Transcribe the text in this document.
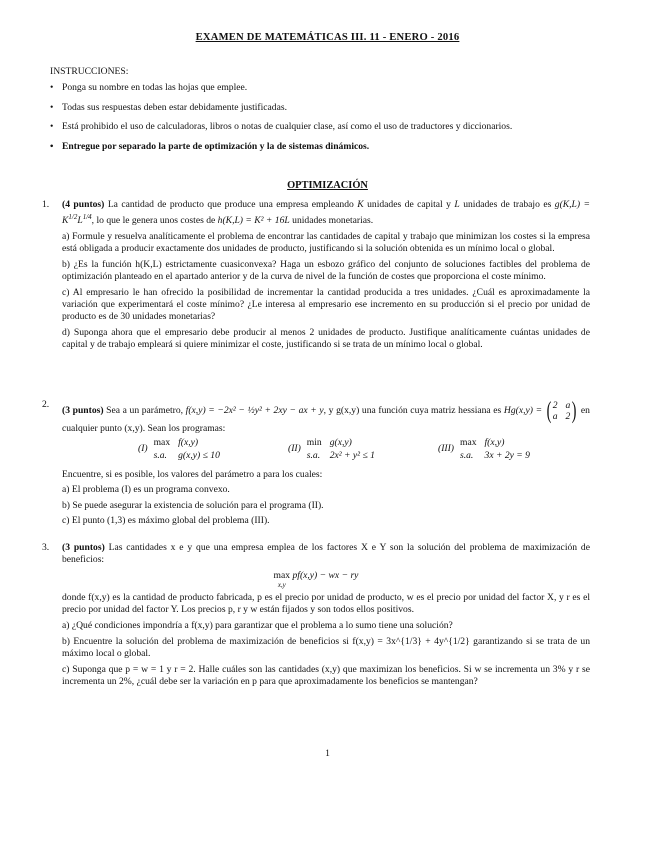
EXAMEN DE MATEMÁTICAS III. 11 - ENERO - 2016
INSTRUCCIONES:
• Ponga su nombre en todas las hojas que emplee.
• Todas sus respuestas deben estar debidamente justificadas.
• Está prohibido el uso de calculadoras, libros o notas de cualquier clase, así como el uso de traductores y diccionarios.
• Entregue por separado la parte de optimización y la de sistemas dinámicos.
OPTIMIZACIÓN
1. (4 puntos) La cantidad de producto que produce una empresa empleando K unidades de capital y L unidades de trabajo es $g(K,L) = K^{1/2}L^{1/4}$, lo que le genera unos costes de h(K,L) = K² + 16L unidades monetarias.
a) Formule y resuelva analíticamente el problema de encontrar las cantidades de capital y trabajo que minimizan los costes si la empresa está obligada a producir exactamente dos unidades de producto, justificando si la solución obtenida es un mínimo local o global.
b) ¿Es la función h(K,L) estrictamente cuasiconvexa? Haga un esbozo gráfico del conjunto de soluciones factibles del problema de optimización planteado en el apartado anterior y de la curva de nivel de la función de costes que proporciona el coste mínimo.
c) Al empresario le han ofrecido la posibilidad de incrementar la cantidad producida a tres unidades. ¿Cuál es aproximadamente la variación que experimentará el coste mínimo? ¿Le interesa al empresario ese incremento en su producción si el precio por unidad de producto es de 30 unidades monetarias?
d) Suponga ahora que el empresario debe producir al menos 2 unidades de producto. Justifique analíticamente cuántas unidades de capital y de trabajo empleará si quiere minimizar el coste, justificando si se trata de un mínimo local o global.
2.
(3 puntos) Sea a un parámetro, f(x,y) = −2x² − ½y² + 2xy − ax + y, y g(x,y) una función cuya matriz hessiana es Hg(x,y) = ( 2 a
a 2 ) en cualquier punto (x,y). Sean los programas:
(I)
max
s.a.
f(x,y)
g(x,y) ≤ 10
(II)
min
s.a.
g(x,y)
2x² + y² ≤ 1
(III)
max
s.a.
f(x,y)
3x + 2y = 9
Encuentre, si es posible, los valores del parámetro a para los cuales:
a) El problema (I) es un programa convexo.
b) Se puede asegurar la existencia de solución para el programa (II).
c) El punto (1,3) es máximo global del problema (III).
3. (3 puntos) Las cantidades x e y que una empresa emplea de los factores X e Y son la solución del problema de maximización de beneficios:
max
x,y
pf(x,y) − wx − ry
donde f(x,y) es la cantidad de producto fabricada, p es el precio por unidad de producto, w es el precio por unidad del factor X, y r es el precio por unidad del factor Y. Los precios p, r y w están fijados y son todos ellos positivos.
a) ¿Qué condiciones impondría a f(x,y) para garantizar que el problema a lo sumo tiene una solución?
b) Encuentre la solución del problema de maximización de beneficios si f(x,y) = 3x^{1/3} + 4y^{1/2} garantizando si se trata de un máximo local o global.
c) Suponga que p = w = 1 y r = 2. Halle cuáles son las cantidades (x,y) que maximizan los beneficios. Si w se incrementa un 3% y r se incrementa un 2%, ¿cuál debe ser la variación en p para que aproximadamente los beneficios se mantengan?
1
